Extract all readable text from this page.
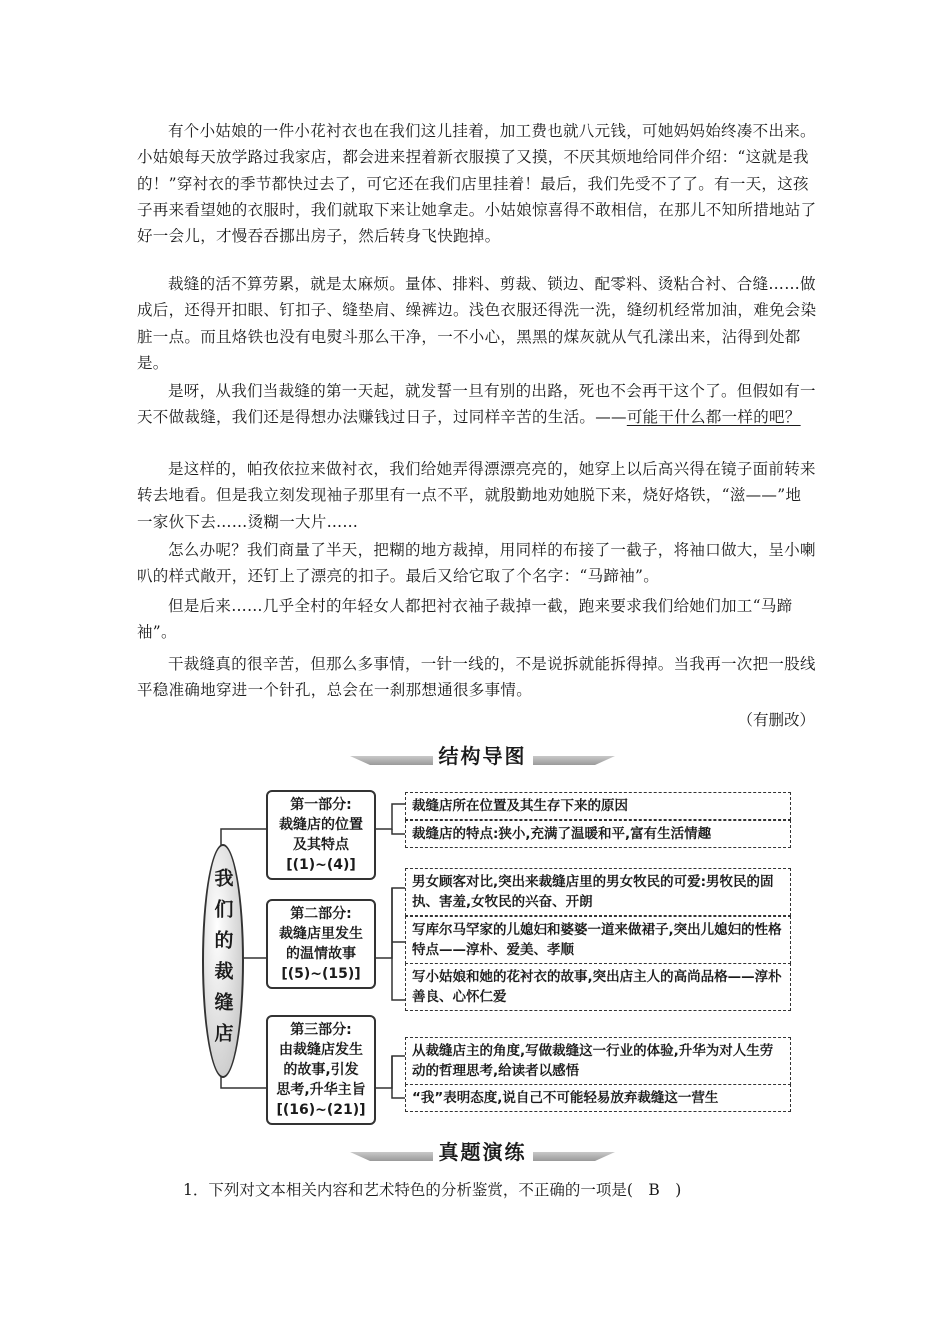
有个小姑娘的一件小花衬衣也在我们这儿挂着，加工费也就八元钱，可她妈妈始终凑不出来。小姑娘每天放学路过我家店，都会进来捏着新衣服摸了又摸，不厌其烦地给同伴介绍：“这就是我的！”穿衬衣的季节都快过去了，可它还在我们店里挂着！最后，我们先受不了了。有一天，这孩子再来看望她的衣服时，我们就取下来让她拿走。小姑娘惊喜得不敢相信，在那儿不知所措地站了好一会儿，才慢吞吞挪出房子，然后转身飞快跑掉。

裁缝的活不算劳累，就是太麻烦。量体、排料、剪裁、锁边、配零料、烫粘合衬、合缝……做成后，还得开扣眼、钉扣子、缝垫肩、缲裤边。浅色衣服还得洗一洗，缝纫机经常加油，难免会染脏一点。而且烙铁也没有电熨斗那么干净，一不小心，黑黑的煤灰就从气孔漾出来，沾得到处都是。

是呀，从我们当裁缝的第一天起，就发誓一旦有别的出路，死也不会再干这个了。但假如有一天不做裁缝，我们还是得想办法赚钱过日子，过同样辛苦的生活。——可能干什么都一样的吧？

是这样的，帕孜依拉来做衬衣，我们给她弄得漂漂亮亮的，她穿上以后高兴得在镜子面前转来转去地看。但是我立刻发现袖子那里有一点不平，就殷勤地劝她脱下来，烧好烙铁，“滋——”地一家伙下去……烫糊一大片……

怎么办呢？我们商量了半天，把糊的地方裁掉，用同样的布接了一截子，将袖口做大，呈小喇叭的样式敞开，还钉上了漂亮的扣子。最后又给它取了个名字：“马蹄袖”。

但是后来……几乎全村的年轻女人都把衬衣袖子裁掉一截，跑来要求我们给她们加工“马蹄袖”。

干裁缝真的很辛苦，但那么多事情，一针一线的，不是说拆就能拆得掉。当我再一次把一股线平稳准确地穿进一个针孔，总会在一刹那想通很多事情。

（有删改）
结构导图
我们的裁缝店
第一部分:
裁缝店的位置
及其特点
[(1)~(4)]
裁缝店所在位置及其生存下来的原因
裁缝店的特点:狭小,充满了温暖和平,富有生活情趣
第二部分:
裁缝店里发生
的温情故事
[(5)~(15)]
男女顾客对比,突出来裁缝店里的男女牧民的可爱:男牧民的固执、害羞,女牧民的兴奋、开朗
写库尔马罕家的儿媳妇和婆婆一道来做裙子,突出儿媳妇的性格特点——淳朴、爱美、孝顺
写小姑娘和她的花衬衣的故事,突出店主人的高尚品格——淳朴善良、心怀仁爱
第三部分:
由裁缝店发生
的故事,引发
思考,升华主旨
[(16)~(21)]
从裁缝店主的角度,写做裁缝这一行业的体验,升华为对人生劳动的哲理思考,给读者以感悟
“我”表明态度,说自己不可能轻易放弃裁缝这一营生
真题演练
1．下列对文本相关内容和艺术特色的分析鉴赏，不正确的一项是(　B　)
